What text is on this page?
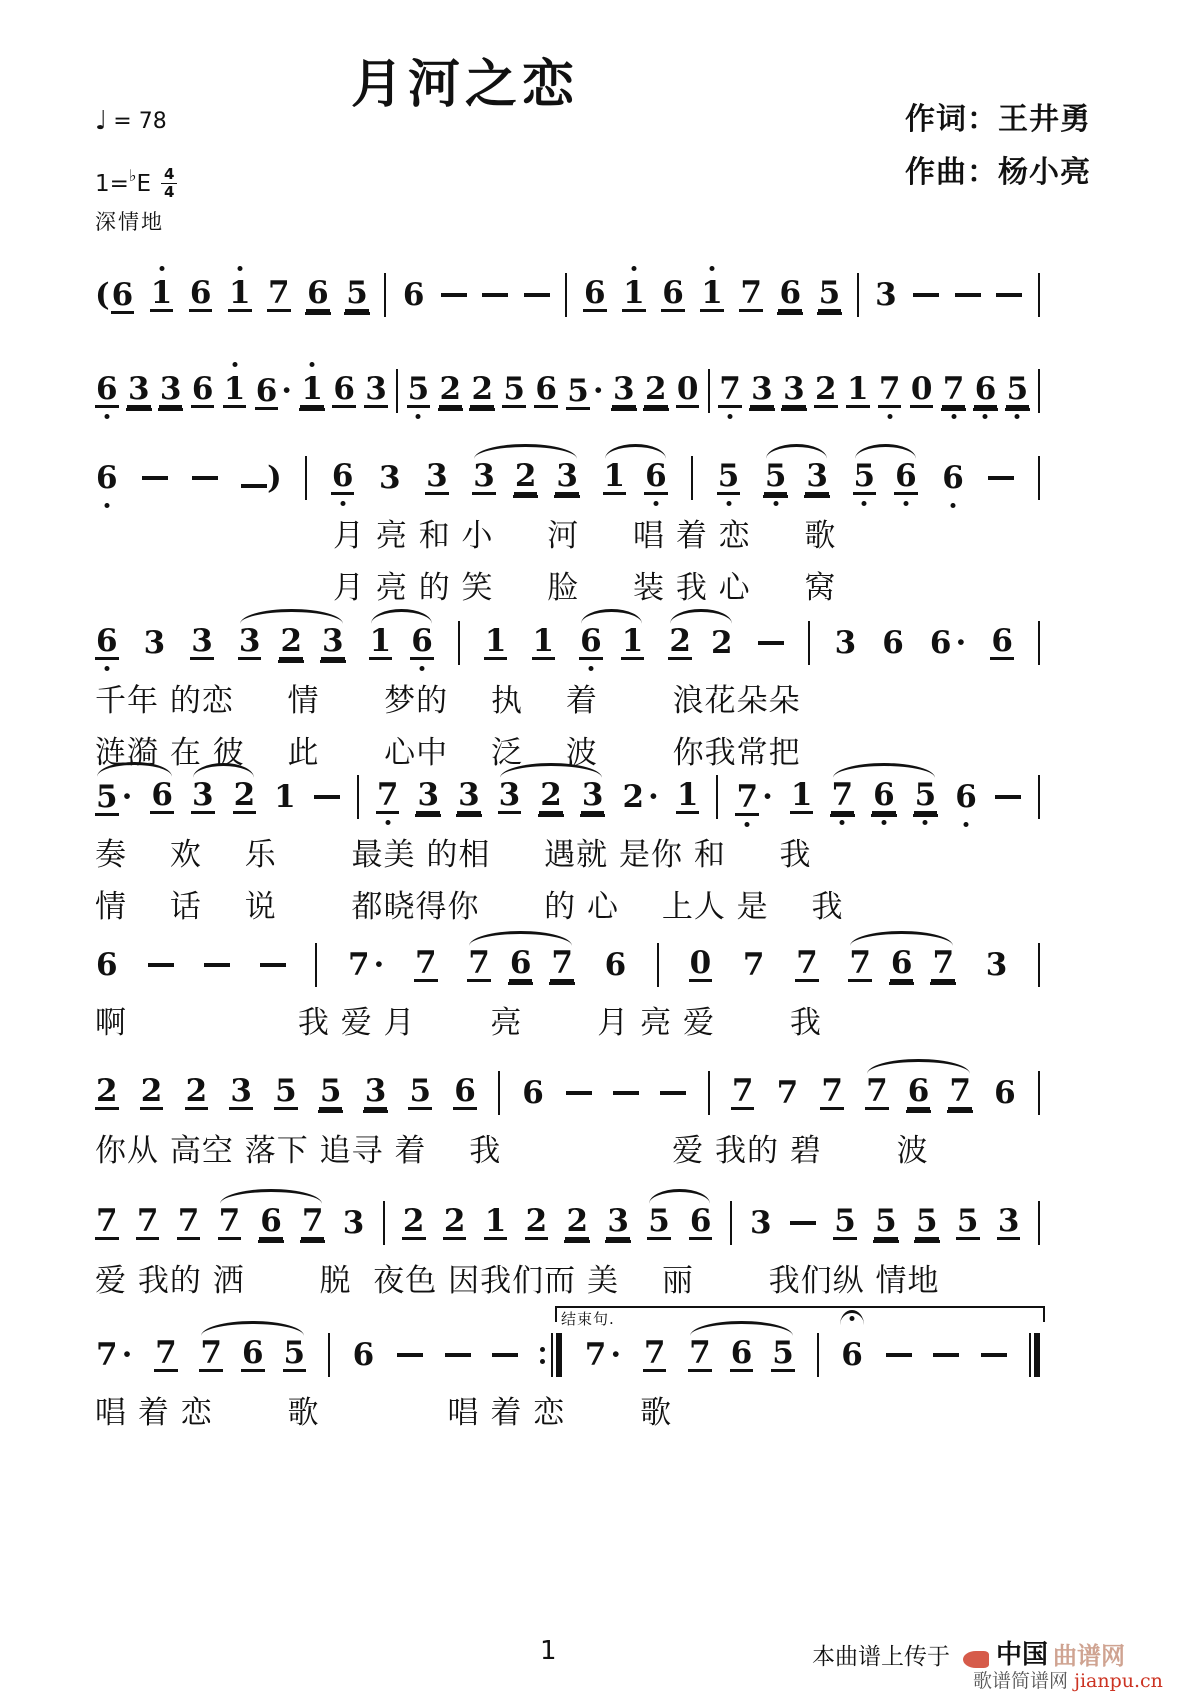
月河之恋
♩ = 78	作词：王井勇
作曲：杨小亮
1= ♭ E $\frac{4}{4}$
深情地
( 6 1 6 1 7 6 5 6	6 1 6 1 7 6 5 3
6 3 3 6 1 6 · 1 6 3 5 2 2 5 6 5 · 3 2 0 7 3 3 2 1 7 0 7 6 5
6	) 6 3 3 3 2 3 1 6 5 5 3 5 6 6
月 亮 和 小　  河　  唱 着 恋　  歌
月 亮 的 笑　  脸　  装 我 心　  窝
6 3 3 3 2 3 1 6 1 1 6 1 2 2	3 6 6 · 6
千年 的恋　  情　   梦的　 执　 着　　 浪花朵朵
涟漪 在 彼　 此　   心中　 泛　 波　　 你我常把
5 · 6 3 2 1	7 3 3 3 2 3 2 · 1 7 · 1 7 6 5 6
奏　 欢　 乐　　 最美 的相　  遇就 是你 和　  我
情　 话　 说　　 都晓得你　   的 心　 上人 是　 我
6	7 · 7 7 6 7 6 0 7 7 7 6 7 3
啊　　　　　 我 爱 月　　 亮　　 月 亮 爱　　 我
2 2 2 3 5 5 3 5 6 6	7 7 7 7 6 7 6
你从 高空 落下 追寻 着　 我　　　　　 爱 我的 碧　　 波
7 7 7 7 6 7 3 2 2 1 2 2 3 5 6 3 5 5 5 5 3
爱 我的 洒　　 脱  夜色 因我们而 美　 丽　　 我们纵 情地
结束句.
7 · 7 7 6 5 6	7 · 7 7 6 5 6
唱 着 恋　　 歌　　　　唱 着 恋　　 歌
1	本曲谱上传于 中国 曲谱网
歌谱简谱网 jianpu.cn
